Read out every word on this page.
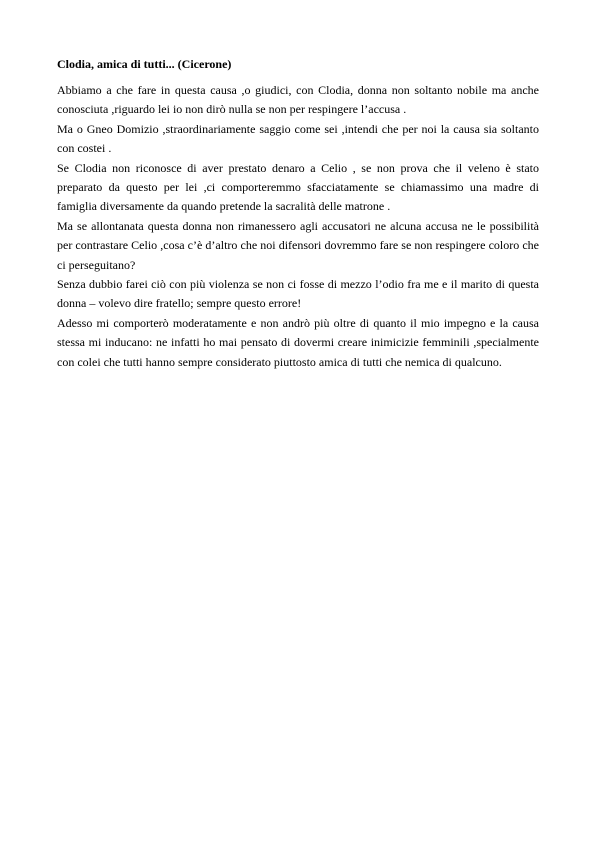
Clodia, amica di tutti... (Cicerone)

Abbiamo a che fare in questa causa ,o giudici, con Clodia, donna non soltanto nobile ma anche conosciuta ,riguardo lei io non dirò nulla se non per respingere l’accusa .

Ma o Gneo Domizio ,straordinariamente saggio come sei ,intendi che per noi la causa sia soltanto con costei .

Se Clodia non riconosce di aver prestato denaro a Celio , se non prova che il veleno è stato preparato da questo per lei ,ci comporteremmo sfacciatamente se chiamassimo una madre di famiglia diversamente da quando pretende la sacralità delle matrone .

Ma se allontanata questa donna non rimanessero agli accusatori ne alcuna accusa ne le possibilità per contrastare Celio ,cosa c’è d’altro che noi difensori dovremmo fare se non respingere coloro che ci perseguitano?

Senza dubbio farei ciò con più violenza se non ci fosse di mezzo l’odio fra me e il marito di questa donna – volevo dire fratello; sempre questo errore!

Adesso mi comporterò moderatamente e non andrò più oltre di quanto il mio impegno e la causa stessa mi inducano: ne infatti ho mai pensato di dovermi creare inimicizie femminili ,specialmente con colei che tutti hanno sempre considerato piuttosto amica di tutti che nemica di qualcuno.
